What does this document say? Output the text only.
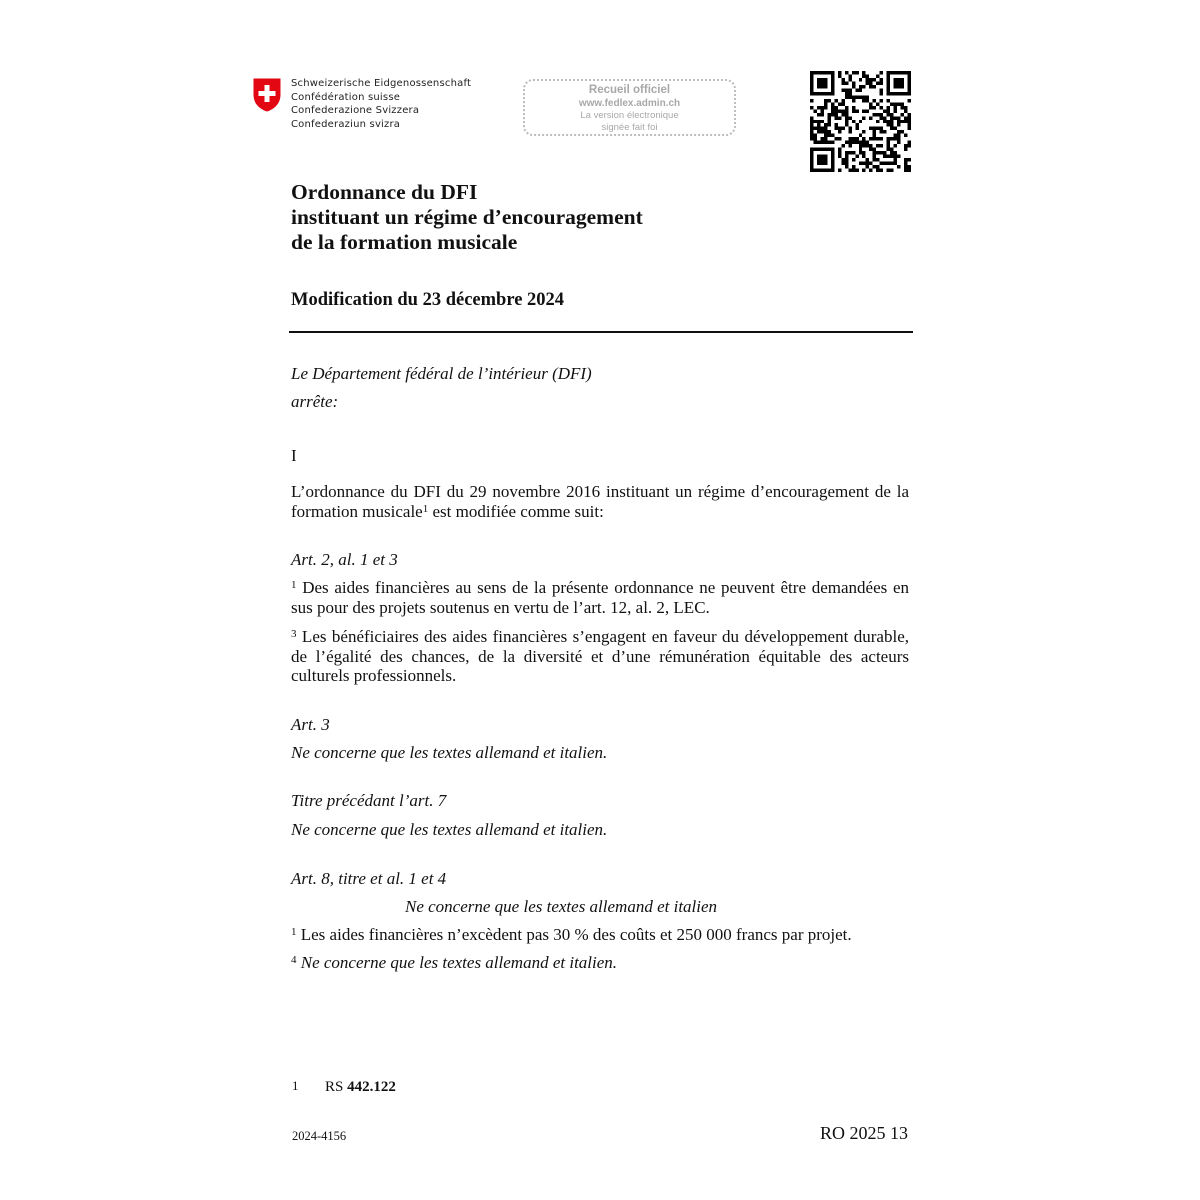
Schweizerische Eidgenossenschaft
Confédération suisse
Confederazione Svizzera
Confederaziun svizra
Recueil officiel
www.fedlex.admin.ch
La version électronique
signée fait foi
Ordonnance du DFI
instituant un régime d’encouragement
de la formation musicale
Modification du 23 décembre 2024
Le Département fédéral de l’intérieur (DFI)
arrête:
I
L’ordonnance du DFI du 29 novembre 2016 instituant un régime d’encouragement de la formation musicale$^1$ est modifiée comme suit:
Art. 2, al. 1 et 3
$^1$ Des aides financières au sens de la présente ordonnance ne peuvent être demandées en sus pour des projets soutenus en vertu de l’art. 12, al. 2, LEC.
$^3$ Les bénéficiaires des aides financières s’engagent en faveur du développement durable, de l’égalité des chances, de la diversité et d’une rémunération équitable des acteurs culturels professionnels.
Art. 3
Ne concerne que les textes allemand et italien.
Titre précédant l’art. 7
Ne concerne que les textes allemand et italien.
Art. 8, titre et al. 1 et 4
Ne concerne que les textes allemand et italien
$^1$ Les aides financières n’excèdent pas 30 % des coûts et 250 000 francs par projet.
$^4$ Ne concerne que les textes allemand et italien.
1 RS 442.122
2024-4156	RO 2025 13
